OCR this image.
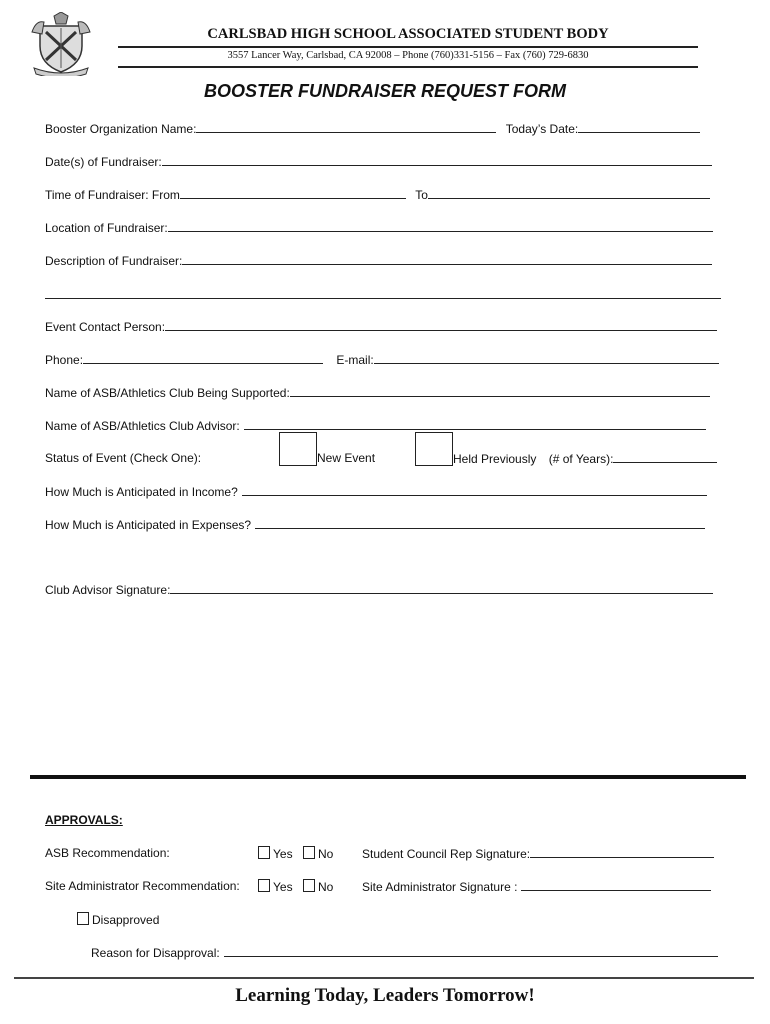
CARLSBAD HIGH SCHOOL ASSOCIATED STUDENT BODY
3557 Lancer Way, Carlsbad, CA 92008 – Phone (760)331-5156 – Fax (760) 729-6830
BOOSTER FUNDRAISER REQUEST FORM
Booster Organization Name:	Today’s Date:
Date(s) of Fundraiser:
Time of Fundraiser: From	To
Location of Fundraiser:
Description of Fundraiser:
Event Contact Person:
Phone:	E-mail:
Name of ASB/Athletics Club Being Supported:
Name of ASB/Athletics Club Advisor:
Status of Event (Check One):	New Event	Held Previously (# of Years):
How Much is Anticipated in Income?
How Much is Anticipated in Expenses?
Club Advisor Signature:
APPROVALS:
ASB Recommendation:	Yes	No Student Council Rep Signature:
Site Administrator Recommendation:	Yes	No Site Administrator Signature :
Disapproved
Reason for Disapproval:
Learning Today, Leaders Tomorrow!
